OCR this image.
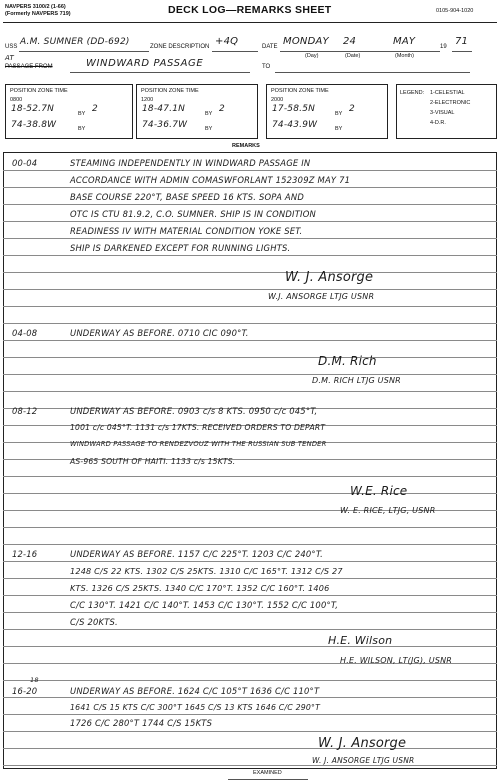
NAVPERS 3100/2 (1-66)
(Formerly NAVPERS 719)	DECK LOG—REMARKS SHEET	0105-904-1020
USS A.M. SUMNER (DD-692)	ZONE DESCRIPTION +4Q	DATE MONDAY 24	MAY	19 71
(Day)	(Date)	(Month)
AT
PASSAGE FROM	WINDWARD PASSAGE	TO
POSITION ZONE TIME
0800
18-52.7N	BY 2
74-38.8W	BY
POSITION ZONE TIME
1200
18-47.1N	BY 2
74-36.7W	BY
POSITION ZONE TIME
2000
17-58.5N	BY 2
74-43.9W	BY
LEGEND: 1-CELESTIAL
2-ELECTRONIC
3-VISUAL
4-D.R.
REMARKS
00-04	STEAMING INDEPENDENTLY IN WINDWARD PASSAGE IN
ACCORDANCE WITH ADMIN COMASWFORLANT 152309Z MAY 71
BASE COURSE 220°T, BASE SPEED 16 KTS. SOPA AND
OTC IS CTU 81.9.2, C.O. SUMNER. SHIP IS IN CONDITION
READINESS IV WITH MATERIAL CONDITION YOKE SET.
SHIP IS DARKENED EXCEPT FOR RUNNING LIGHTS.
W. J. Ansorge
W.J. ANSORGE LTJG USNR
04-08	UNDERWAY AS BEFORE. 0710 CIC 090°T.
D.M. Rich
D.M. RICH LTJG USNR
08-12	UNDERWAY AS BEFORE. 0903 c/s 8 KTS. 0950 c/c 045°T,
1001 c/c 045°T. 1131 c/s 17KTS. RECEIVED ORDERS TO DEPART
WINDWARD PASSAGE TO RENDEZVOUZ WITH THE RUSSIAN SUB TENDER
AS-965 SOUTH OF HAITI. 1133 c/s 15KTS.
W.E. Rice
W. E. RICE, LTJG, USNR
12-16	UNDERWAY AS BEFORE. 1157 C/C 225°T. 1203 C/C 240°T.
1248 C/S 22 KTS. 1302 C/S 25KTS. 1310 C/C 165°T. 1312 C/S 27
KTS. 1326 C/S 25KTS. 1340 C/C 170°T. 1352 C/C 160°T. 1406
C/C 130°T. 1421 C/C 140°T. 1453 C/C 130°T. 1552 C/C 100°T,
C/S 20KTS.
H.E. Wilson
H.E. WILSON, LT(JG), USNR
18
16-20	UNDERWAY AS BEFORE. 1624 C/C 105°T 1636 C/C 110°T
1641 C/S 15 KTS C/C 300°T 1645 C/S 13 KTS 1646 C/C 290°T
1726 C/C 280°T 1744 C/S 15KTS
W. J. Ansorge
W. J. ANSORGE LTJG USNR
EXAMINED
